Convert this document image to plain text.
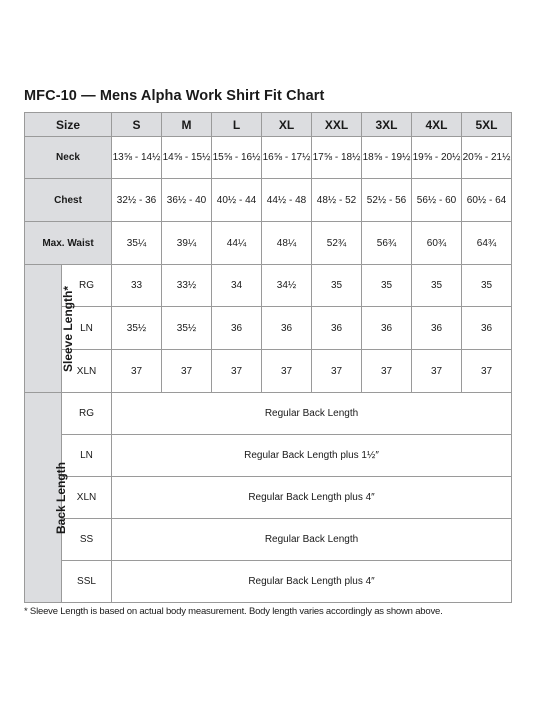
MFC-10 — Mens Alpha Work Shirt Fit Chart
Size		S	M	L	XL	XXL	3XL	4XL	5XL
Neck		13⅝ - 14½	14⅝ - 15½	15⅝ - 16½	16⅝ - 17½	17⅝ - 18½	18⅝ - 19½	19⅝ - 20½	20⅝ - 21½
Chest		32½ - 36	36½ - 40	40½ - 44	44½ - 48	48½ - 52	52½ - 56	56½ - 60	60½ - 64
Max. Waist		35¼	39¼	44¼	48¼	52¾	56¾	60¾	64¾
Sleeve Length*	RG	33	33½	34	34½	35	35	35	35
	LN	35½	35½	36	36	36	36	36	36
	XLN	37	37	37	37	37	37	37	37
Back Length	RG	Regular Back Length							
	LN	Regular Back Length plus 1½″							
	XLN	Regular Back Length plus 4″							
	SS	Regular Back Length							
	SSL	Regular Back Length plus 4″							
* Sleeve Length is based on actual body measurement. Body length varies accordingly as shown above.
